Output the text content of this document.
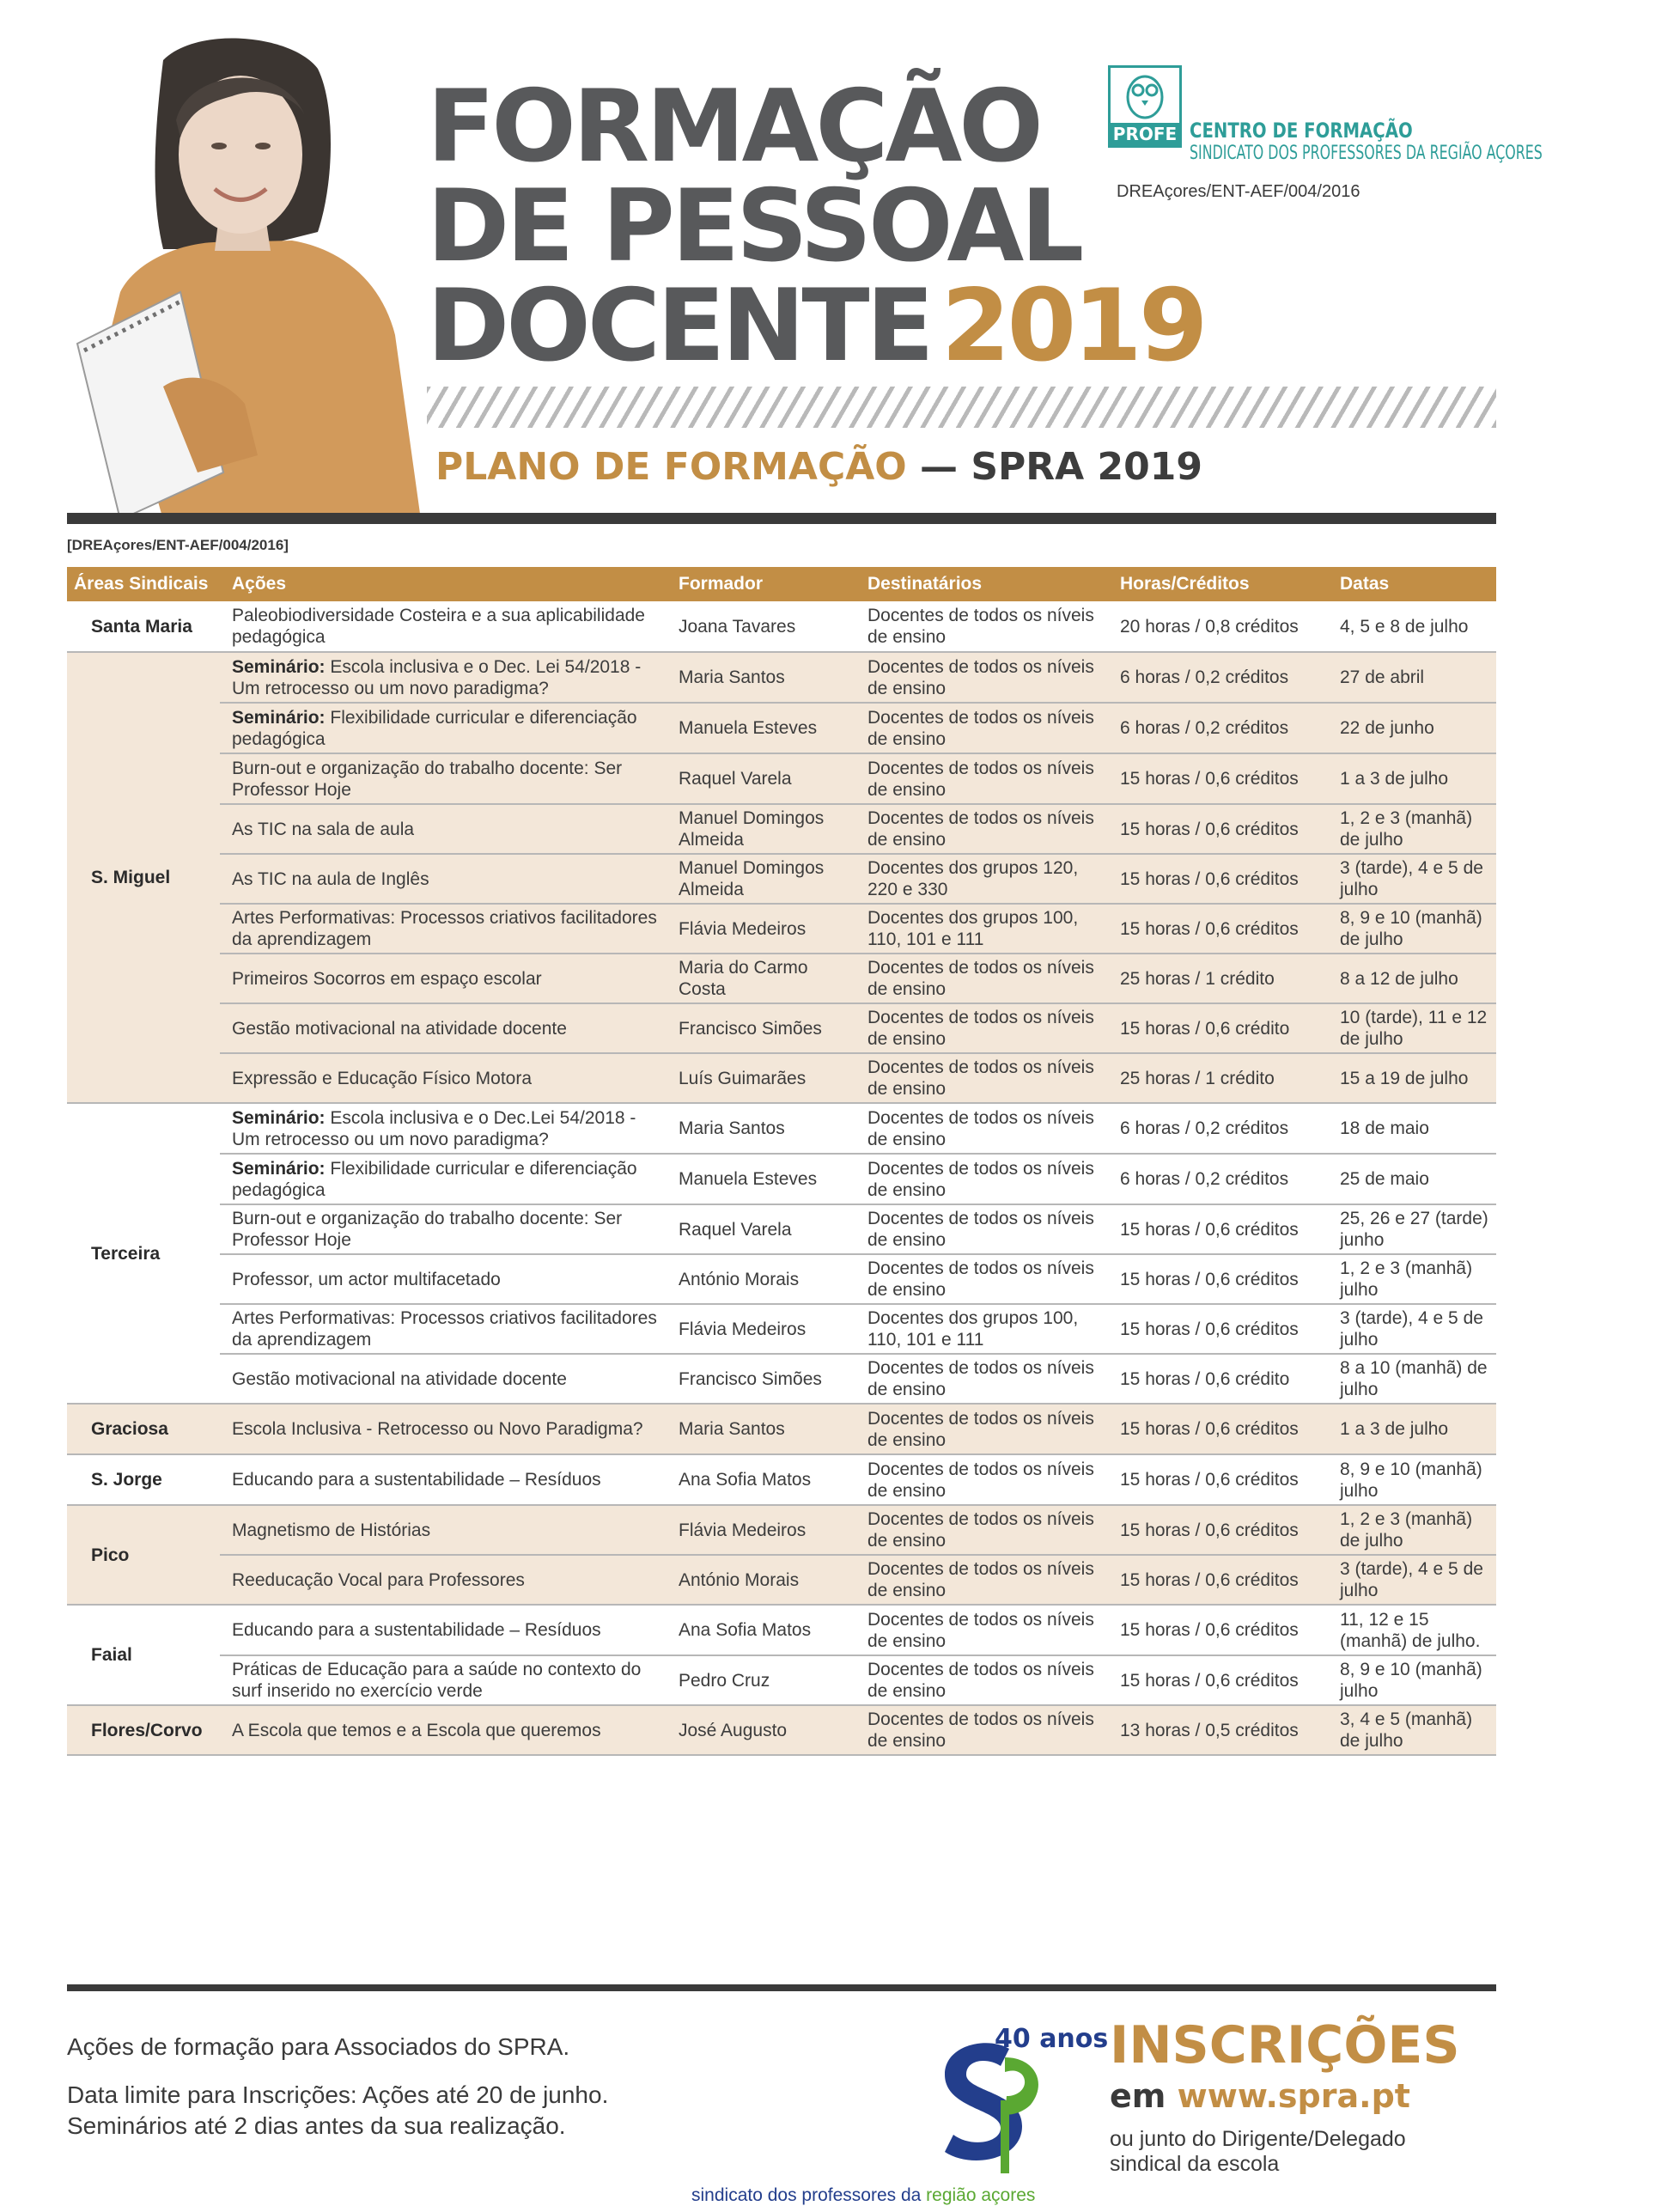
FORMAÇÃO
DE PESSOAL
DOCENTE 2019
PLANO DE FORMAÇÃO — SPRA 2019
PROFE CENTRO DE FORMAÇÃO
SINDICATO DOS PROFESSORES DA REGIÃO AÇORES
DREAçores/ENT-AEF/004/2016
[DREAçores/ENT-AEF/004/2016]
Áreas Sindicais	Ações	Formador	Destinatários	Horas/Créditos	Datas
Santa Maria	Paleobiodiversidade Costeira e a sua aplicabilidade pedagógica	Joana Tavares	Docentes de todos os níveis de ensino	20 horas / 0,8 créditos	4, 5 e 8 de julho
S. Miguel	Seminário: Escola inclusiva e o Dec. Lei 54/2018 - Um retrocesso ou um novo paradigma?	Maria Santos	Docentes de todos os níveis de ensino	6 horas / 0,2 créditos	27 de abril
	Seminário: Flexibilidade curricular e diferenciação pedagógica	Manuela Esteves	Docentes de todos os níveis de ensino	6 horas / 0,2 créditos	22 de junho
	Burn-out e organização do trabalho docente: Ser Professor Hoje	Raquel Varela	Docentes de todos os níveis de ensino	15 horas / 0,6 créditos	1 a 3 de julho
	As TIC na sala de aula	Manuel Domingos Almeida	Docentes de todos os níveis de ensino	15 horas / 0,6 créditos	1, 2 e 3 (manhã) de julho
	As TIC na aula de Inglês	Manuel Domingos Almeida	Docentes dos grupos 120, 220 e 330	15 horas / 0,6 créditos	3 (tarde), 4 e 5 de julho
	Artes Performativas: Processos criativos facilitadores da aprendizagem	Flávia Medeiros	Docentes dos grupos 100, 110, 101 e 111	15 horas / 0,6 créditos	8, 9 e 10 (manhã) de julho
	Primeiros Socorros em espaço escolar	Maria do Carmo Costa	Docentes de todos os níveis de ensino	25 horas / 1 crédito	8 a 12 de julho
	Gestão motivacional na atividade docente	Francisco Simões	Docentes de todos os níveis de ensino	15 horas / 0,6 crédito	10 (tarde), 11 e 12 de julho
	Expressão e Educação Físico Motora	Luís Guimarães	Docentes de todos os níveis de ensino	25 horas / 1 crédito	15 a 19 de julho
Terceira	Seminário: Escola inclusiva e o Dec.Lei 54/2018 - Um retrocesso ou um novo paradigma?	Maria Santos	Docentes de todos os níveis de ensino	6 horas / 0,2 créditos	18 de maio
	Seminário: Flexibilidade curricular e diferenciação pedagógica	Manuela Esteves	Docentes de todos os níveis de ensino	6 horas / 0,2 créditos	25 de maio
	Burn-out e organização do trabalho docente: Ser Professor Hoje	Raquel Varela	Docentes de todos os níveis de ensino	15 horas / 0,6 créditos	25, 26 e 27 (tarde) junho
	Professor, um actor multifacetado	António Morais	Docentes de todos os níveis de ensino	15 horas / 0,6 créditos	1, 2 e 3 (manhã) julho
	Artes Performativas: Processos criativos facilitadores da aprendizagem	Flávia Medeiros	Docentes dos grupos 100, 110, 101 e 111	15 horas / 0,6 créditos	3 (tarde), 4 e 5 de julho
	Gestão motivacional na atividade docente	Francisco Simões	Docentes de todos os níveis de ensino	15 horas / 0,6 crédito	8 a 10 (manhã) de julho
Graciosa	Escola Inclusiva - Retrocesso ou Novo Paradigma?	Maria Santos	Docentes de todos os níveis de ensino	15 horas / 0,6 créditos	1 a 3 de julho
S. Jorge	Educando para a sustentabilidade – Resíduos	Ana Sofia Matos	Docentes de todos os níveis de ensino	15 horas / 0,6 créditos	8, 9 e 10 (manhã) julho
Pico	Magnetismo de Histórias	Flávia Medeiros	Docentes de todos os níveis de ensino	15 horas / 0,6 créditos	1, 2 e 3 (manhã) de julho
	Reeducação Vocal para Professores	António Morais	Docentes de todos os níveis de ensino	15 horas / 0,6 créditos	3 (tarde), 4 e 5 de julho
Faial	Educando para a sustentabilidade – Resíduos	Ana Sofia Matos	Docentes de todos os níveis de ensino	15 horas / 0,6 créditos	11, 12 e 15 (manhã) de julho.
	Práticas de Educação para a saúde no contexto do surf inserido no exercício verde	Pedro Cruz	Docentes de todos os níveis de ensino	15 horas / 0,6 créditos	8, 9 e 10 (manhã) julho
Flores/Corvo	A Escola que temos e a Escola que queremos	José Augusto	Docentes de todos os níveis de ensino	13 horas / 0,5 créditos	3, 4 e 5 (manhã) de julho
Ações de formação para Associados do SPRA.
Data limite para Inscrições: Ações até 20 de junho.
Seminários até 2 dias antes da sua realização.
40 anos
sindicato dos professores da região açores
INSCRIÇÕES
em www.spra.pt
ou junto do Dirigente/Delegado
sindical da escola
